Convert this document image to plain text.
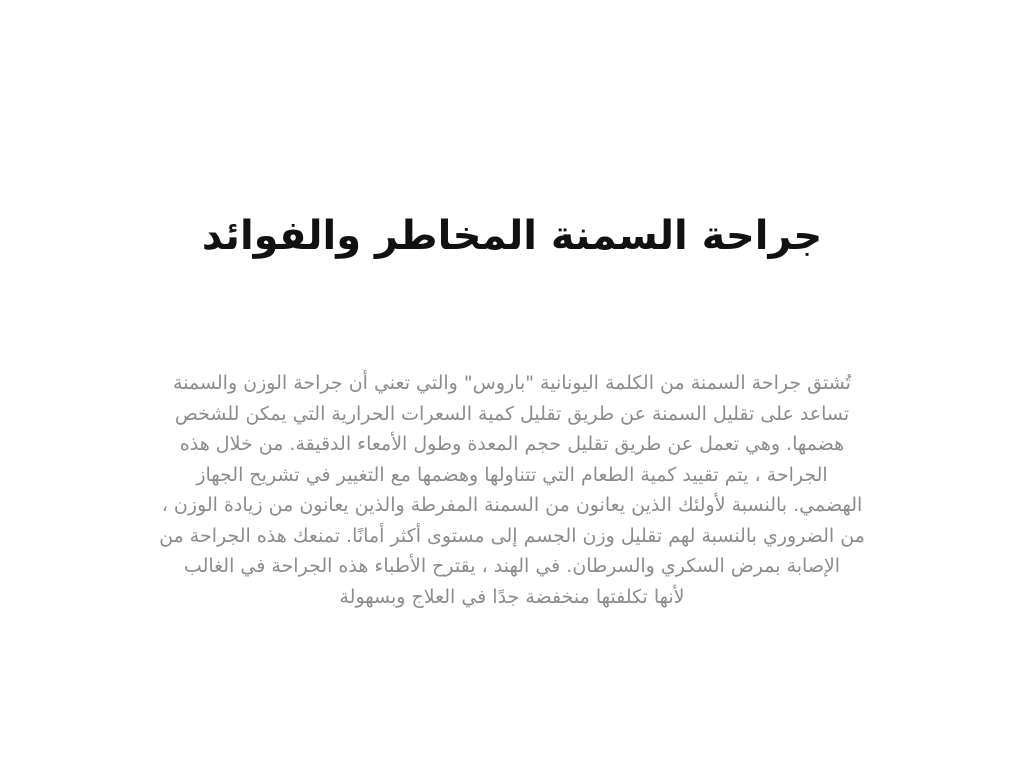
جراحة السمنة المخاطر والفوائد

تُشتق جراحة السمنة من الكلمة اليونانية "باروس" والتي تعني أن جراحة الوزن والسمنة
تساعد على تقليل السمنة عن طريق تقليل كمية السعرات الحرارية التي يمكن للشخص
هضمها. وهي تعمل عن طريق تقليل حجم المعدة وطول الأمعاء الدقيقة. من خلال هذه
الجراحة ، يتم تقييد كمية الطعام التي تتناولها وهضمها مع التغيير في تشريح الجهاز
الهضمي. بالنسبة لأولئك الذين يعانون من السمنة المفرطة والذين يعانون من زيادة الوزن ،
من الضروري بالنسبة لهم تقليل وزن الجسم إلى مستوى أكثر أمانًا. تمنعك هذه الجراحة من
الإصابة بمرض السكري والسرطان. في الهند ، يقترح الأطباء هذه الجراحة في الغالب
لأنها تكلفتها منخفضة جدًا في العلاج وبسهولة
